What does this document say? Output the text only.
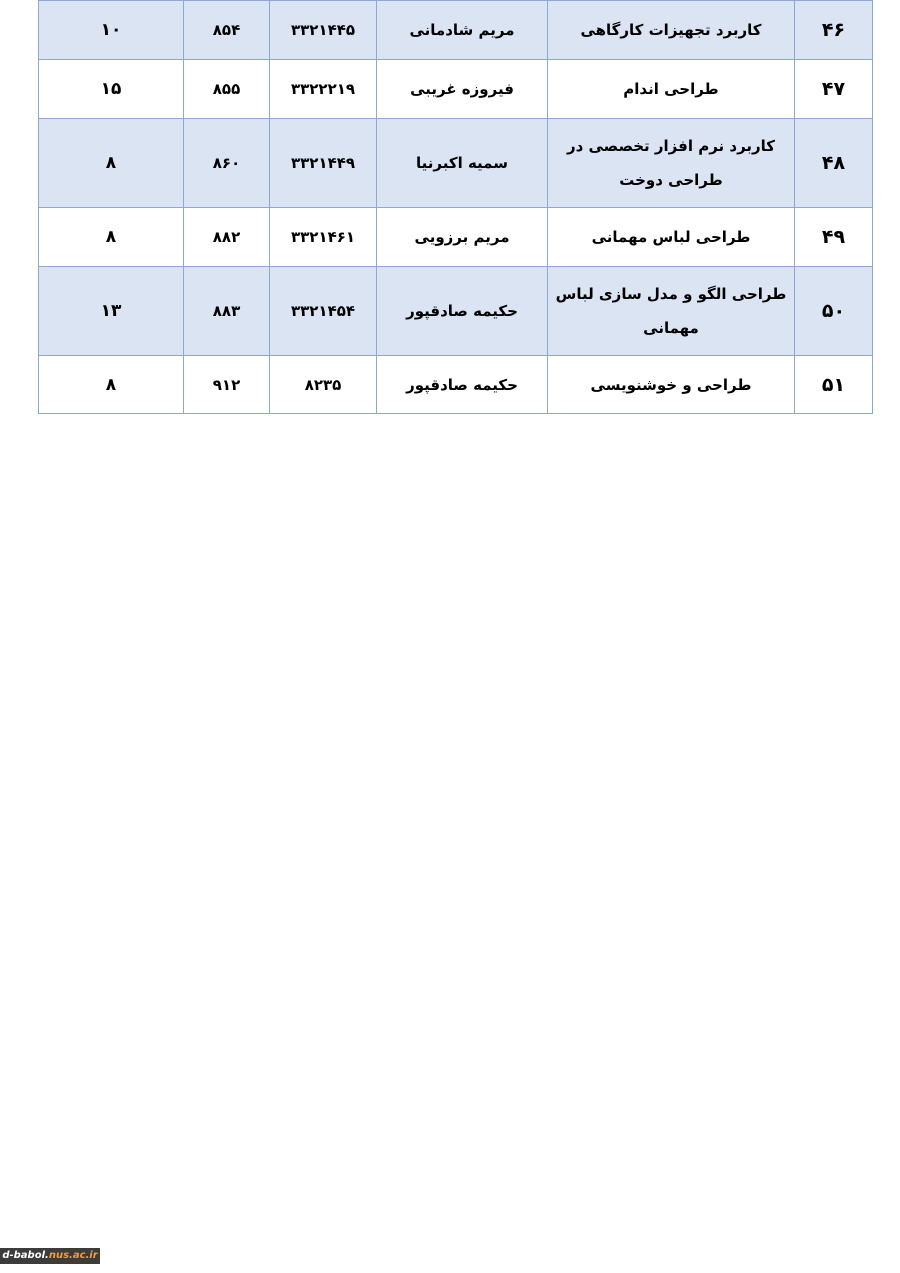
۴۶	کاربرد تجهیزات کارگاهی	مریم شادمانی	۳۳۲۱۴۴۵	۸۵۴	۱۰
۴۷	طراحی اندام	فیروزه غریبی	۳۳۲۲۲۱۹	۸۵۵	۱۵
۴۸	کاربرد نرم افزار تخصصی در طراحی دوخت	سمیه اکبرنیا	۳۳۲۱۴۴۹	۸۶۰	۸
۴۹	طراحی لباس مهمانی	مریم برزویی	۳۳۲۱۴۶۱	۸۸۲	۸
۵۰	طراحی الگو و مدل سازی لباس مهمانی	حکیمه صادقپور	۳۳۲۱۴۵۴	۸۸۳	۱۳
۵۱	طراحی و خوشنویسی	حکیمه صادقپور	۸۲۳۵	۹۱۲	۸
d-babol.nus.ac.ir
